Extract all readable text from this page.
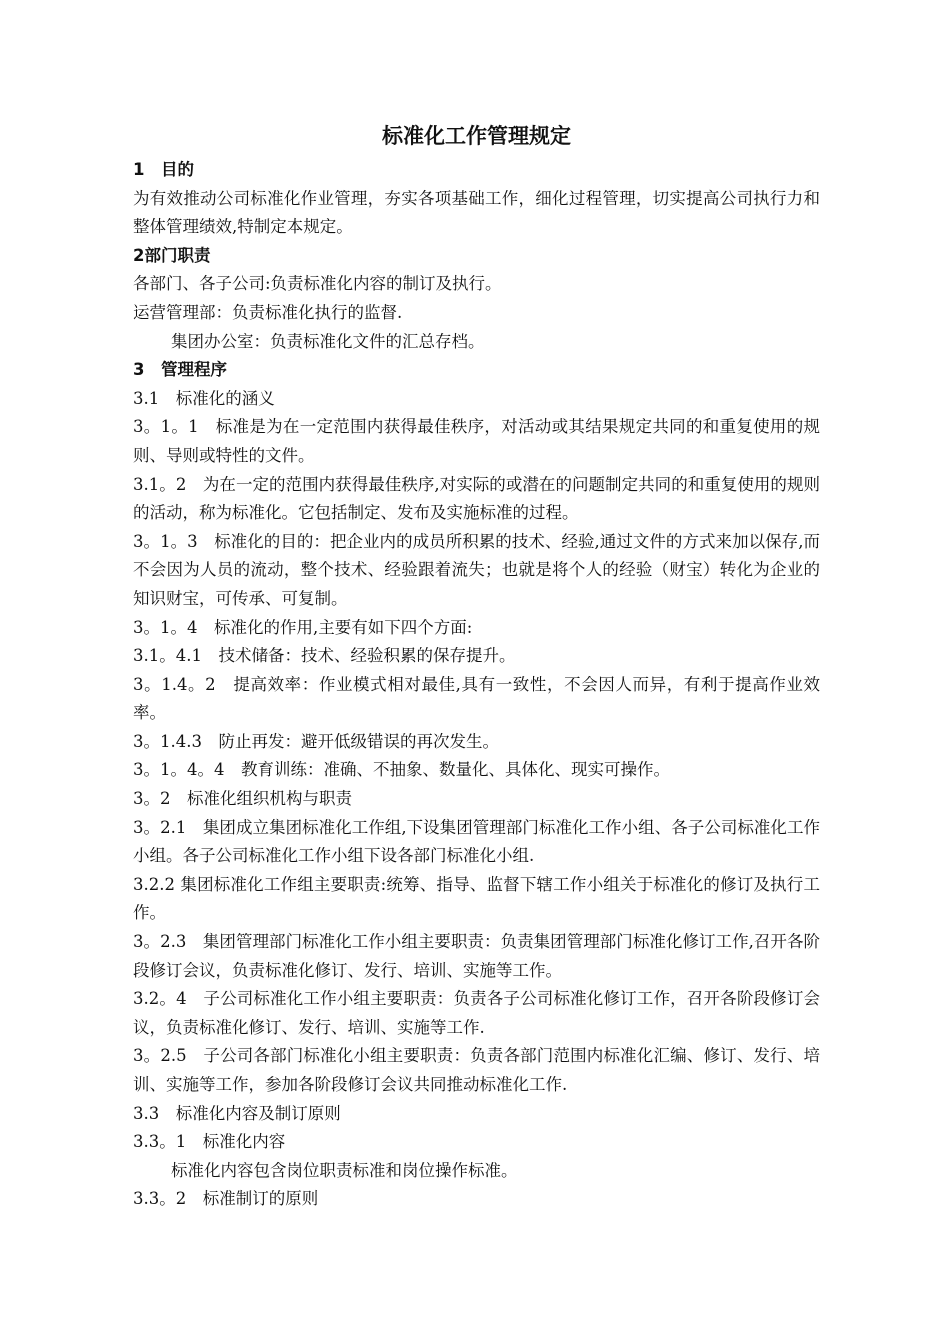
标准化工作管理规定

1　目的

为有效推动公司标准化作业管理，夯实各项基础工作，细化过程管理，切实提高公司执行力和整体管理绩效,特制定本规定。

2部门职责

各部门、各子公司:负责标准化内容的制订及执行。

运营管理部：负责标准化执行的监督.

集团办公室：负责标准化文件的汇总存档。

3　管理程序

3.1　标准化的涵义

3。1。1　标准是为在一定范围内获得最佳秩序，对活动或其结果规定共同的和重复使用的规则、导则或特性的文件。

3.1。2　为在一定的范围内获得最佳秩序,对实际的或潜在的问题制定共同的和重复使用的规则的活动，称为标准化。它包括制定、发布及实施标准的过程。

3。1。3　标准化的目的：把企业内的成员所积累的技术、经验,通过文件的方式来加以保存,而不会因为人员的流动，整个技术、经验跟着流失；也就是将个人的经验（财宝）转化为企业的知识财宝，可传承、可复制。

3。1。4　标准化的作用,主要有如下四个方面:

3.1。4.1　技术储备：技术、经验积累的保存提升。

3。1.4。2　提高效率：作业模式相对最佳,具有一致性，不会因人而异，有利于提高作业效率。

3。1.4.3　防止再发：避开低级错误的再次发生。

3。1。4。4　教育训练：准确、不抽象、数量化、具体化、现实可操作。

3。2　标准化组织机构与职责

3。2.1　集团成立集团标准化工作组,下设集团管理部门标准化工作小组、各子公司标准化工作小组。各子公司标准化工作小组下设各部门标准化小组.

3.2.2 集团标准化工作组主要职责:统筹、指导、监督下辖工作小组关于标准化的修订及执行工作。

3。2.3　集团管理部门标准化工作小组主要职责：负责集团管理部门标准化修订工作,召开各阶段修订会议，负责标准化修订、发行、培训、实施等工作。

3.2。4　子公司标准化工作小组主要职责：负责各子公司标准化修订工作，召开各阶段修订会议，负责标准化修订、发行、培训、实施等工作.

3。2.5　子公司各部门标准化小组主要职责：负责各部门范围内标准化汇编、修订、发行、培训、实施等工作，参加各阶段修订会议共同推动标准化工作.

3.3　标准化内容及制订原则

3.3。1　标准化内容

标准化内容包含岗位职责标准和岗位操作标准。

3.3。2　标准制订的原则
